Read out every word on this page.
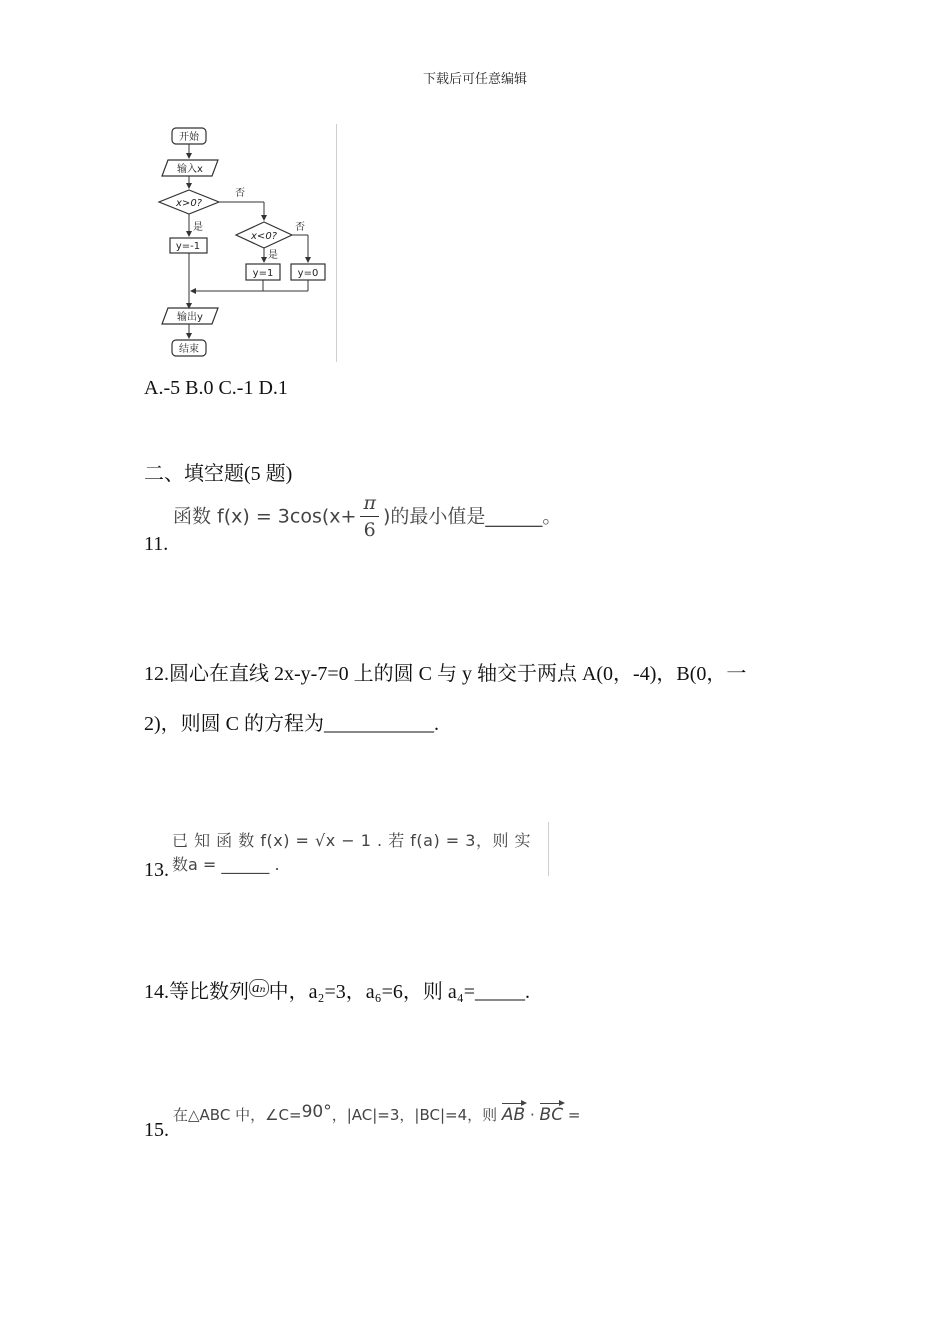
下载后可任意编辑
开始
输入x
x>0?
否
是
y=-1
x<0?
否
是
y=1 y=0
输出y
结束
A.-5 B.0 C.-1 D.1
二、填空题(5 题)
11.
函数 $f(x) = 3\cos(x+ \frac{\pi}{6}$ )的最小值是______。
12.圆心在直线 2x-y-7=0 上的圆 C 与 y 轴交于两点 A(0，-4)，B(0，一
2)，则圆 C 的方程为___________.
13.
已 知 函 数 f(x) = √x − 1 . 若 f(a) = 3，则 实
数a = ______ .
14.等比数列 aₙ 中，a₂=3，a₆=6，则 a₄=_____.
15.
在△ABC 中，∠C=90°，|AC|=3，|BC|=4，则 AB · BC =
